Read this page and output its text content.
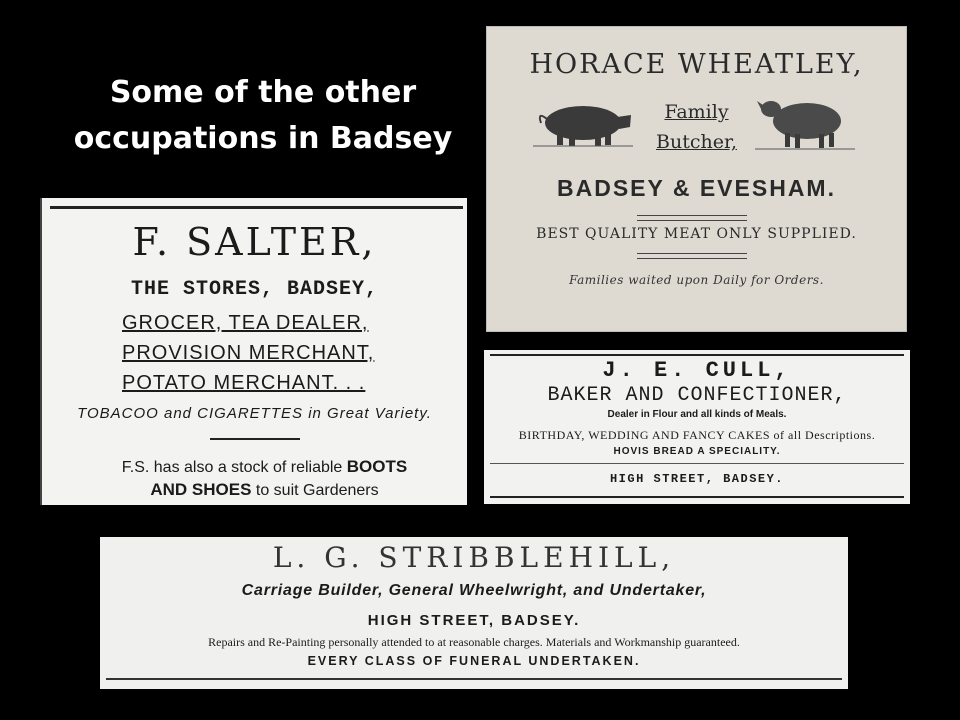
Some of the other
occupations in Badsey
F. SALTER,
THE STORES, BADSEY,
GROCER, TEA DEALER,
PROVISION MERCHANT,
POTATO MERCHANT. . .
TOBACOO and CIGARETTES in Great Variety.
F.S. has also a stock of reliable BOOTS
AND SHOES to suit Gardeners
HORACE WHEATLEY,
Family
Butcher,
BADSEY & EVESHAM.
BEST QUALITY MEAT ONLY SUPPLIED.
Families waited upon Daily for Orders.
J. E. CULL,
BAKER AND CONFECTIONER,
Dealer in Flour and all kinds of Meals.
BIRTHDAY, WEDDING AND FANCY CAKES of all Descriptions.
HOVIS BREAD A SPECIALITY.
HIGH STREET, BADSEY.
L. G. STRIBBLEHILL,
Carriage Builder, General Wheelwright, and Undertaker,
HIGH STREET, BADSEY.
Repairs and Re-Painting personally attended to at reasonable charges. Materials and Workmanship guaranteed.
EVERY CLASS OF FUNERAL UNDERTAKEN.
